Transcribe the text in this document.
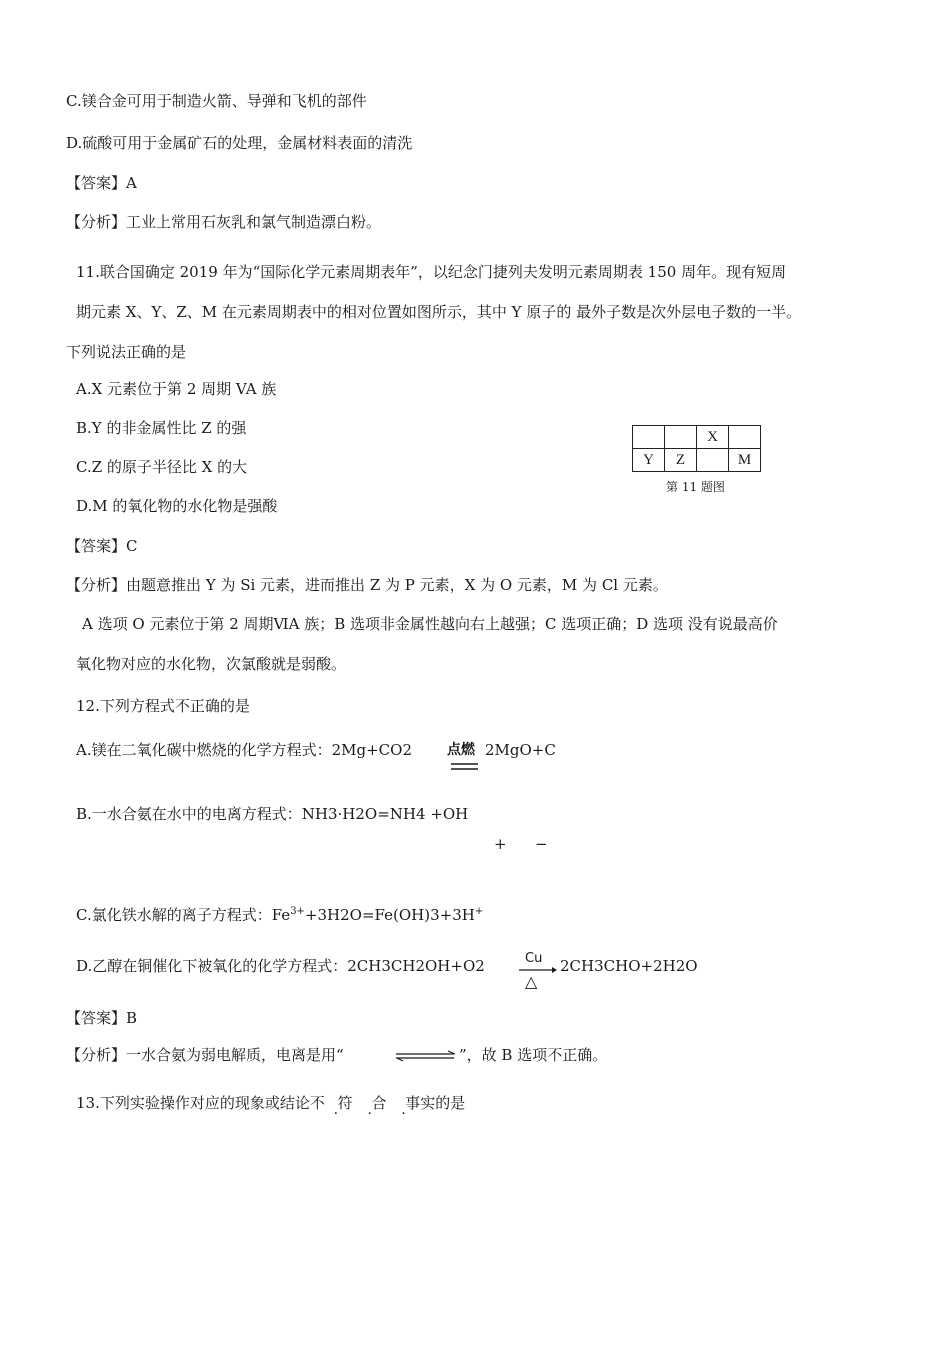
C.镁合金可用于制造火箭、导弹和飞机的部件
D.硫酸可用于金属矿石的处理，金属材料表面的清洗
【答案】A
【分析】工业上常用石灰乳和氯气制造漂白粉。
11.联合国确定 2019 年为“国际化学元素周期表年”，以纪念门捷列夫发明元素周期表 150 周年。现有短周
期元素 X、Y、Z、M 在元素周期表中的相对位置如图所示，其中 Y 原子的 最外子数是次外层电子数的一半。
下列说法正确的是
A.X 元素位于第 2 周期 VA 族
B.Y 的非金属性比 Z 的强
C.Z 的原子半径比 X 的大
D.M 的氧化物的水化物是强酸
		X	
Y	Z		M
第 11 题图
【答案】C
【分析】由题意推出 Y 为 Si 元素，进而推出 Z 为 P 元素，X 为 O 元素，M 为 Cl 元素。
A 选项 O 元素位于第 2 周期ⅥA 族；B 选项非金属性越向右上越强；C 选项正确；D 选项 没有说最高价
氧化物对应的水化物，次氯酸就是弱酸。
12.下列方程式不正确的是
A.镁在二氧化碳中燃烧的化学方程式：2Mg+CO2	点燃 2MgO+C
B.一水合氨在水中的电离方程式：NH3·H2O=NH4 +OH
+ −
C.氯化铁水解的离子方程式：$Fe^{3+}+3H2O=Fe(OH)3+3H^+$
D.乙醇在铜催化下被氧化的化学方程式：2CH3CH2OH+O2	Cu
△
2CH3CHO+2H2O
【答案】B
【分析】一水合氨为弱电解质，电离是用“	”，故 B 选项不正确。
13.下列实验操作对应的现象或结论不 符 . 合 . 事实的是 .
